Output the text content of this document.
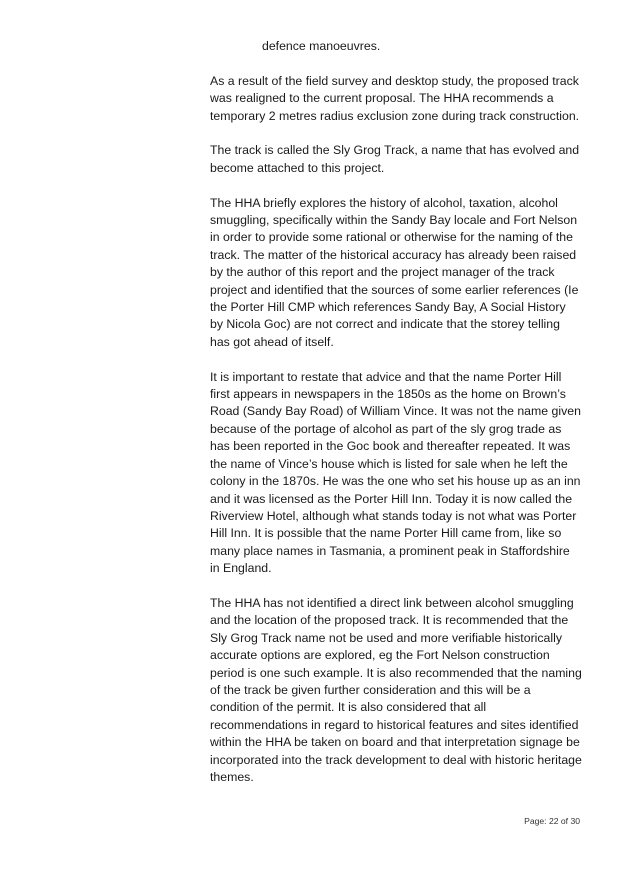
defence manoeuvres.

As a result of the field survey and desktop study, the proposed track was realigned to the current proposal. The HHA recommends a temporary 2 metres radius exclusion zone during track construction.

The track is called the Sly Grog Track, a name that has evolved and become attached to this project.

The HHA briefly explores the history of alcohol, taxation, alcohol smuggling, specifically within the Sandy Bay locale and Fort Nelson in order to provide some rational or otherwise for the naming of the track. The matter of the historical accuracy has already been raised by the author of this report and the project manager of the track project and identified that the sources of some earlier references (Ie the Porter Hill CMP which references Sandy Bay, A Social History by Nicola Goc) are not correct and indicate that the storey telling has got ahead of itself.

It is important to restate that advice and that the name Porter Hill first appears in newspapers in the 1850s as the home on Brown’s Road (Sandy Bay Road) of William Vince. It was not the name given because of the portage of alcohol as part of the sly grog trade as has been reported in the Goc book and thereafter repeated. It was the name of Vince’s house which is listed for sale when he left the colony in the 1870s. He was the one who set his house up as an inn and it was licensed as the Porter Hill Inn. Today it is now called the Riverview Hotel, although what stands today is not what was Porter Hill Inn. It is possible that the name Porter Hill came from, like so many place names in Tasmania, a prominent peak in Staffordshire in England.

The HHA has not identified a direct link between alcohol smuggling and the location of the proposed track. It is recommended that the Sly Grog Track name not be used and more verifiable historically accurate options are explored, eg the Fort Nelson construction period is one such example. It is also recommended that the naming of the track be given further consideration and this will be a condition of the permit. It is also considered that all recommendations in regard to historical features and sites identified within the HHA be taken on board and that interpretation signage be incorporated into the track development to deal with historic heritage themes.

Page: 22 of 30
